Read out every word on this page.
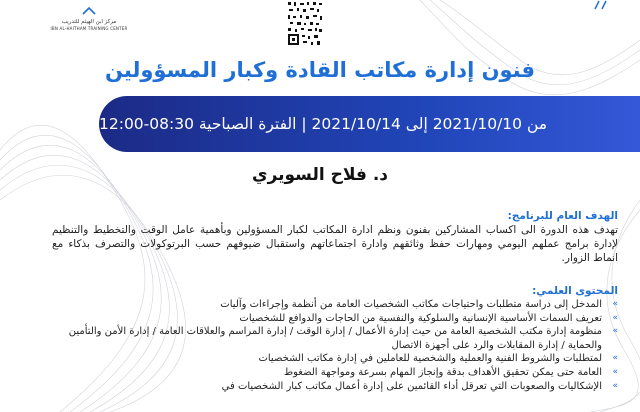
مركز ابن الهيثم للتدريب
IBN AL-HAITHAM TRAINING CENTER
فنون إدارة مكاتب القادة وكبار المسؤولين
من 2021/10/10 إلى 2021/10/14 | الفترة الصباحية 08:30-12:00
د. فلاح السويري
الهدف العام للبرنامج:
تهدف هذه الدورة الى اكساب المشاركين بفنون ونظم ادارة المكاتب لكبار المسؤولين وبأهمية عامل الوقت والتخطيط والتنظيم لإدارة برامج عملهم اليومي ومهارات حفظ وثائقهم وادارة اجتماعاتهم واستقبال ضيوفهم حسب البرتوكولات والتصرف بذكاء مع انماط الزوار.
المحتوى العلمي:
»
المدخل إلى دراسة متطلبات واحتياجات مكاتب الشخصيات العامة من أنظمة وإجراءات وآليات
»
تعريف السمات الأساسية الإنسانية والسلوكية والنفسية من الحاجات والدوافع للشخصيات
»
منظومة إدارة مكتب الشخصية العامة من حيث إدارة الأعمال / إدارة الوقت / إدارة المراسم والعلاقات العامة / إدارة الأمن والتأمين والحماية / إدارة المقابلات والرد على أجهزة الاتصال
»
لمتطلبات والشروط الفنية والعملية والشخصية للعاملين في إدارة مكاتب الشخصيات
»
العامة حتى يمكن تحقيق الأهداف بدقة وإنجاز المهام بسرعة ومواجهة الضغوط
»
الإشكاليات والصعوبات التي تعرقل أداء القائمين على إدارة أعمال مكاتب كبار الشخصيات في
